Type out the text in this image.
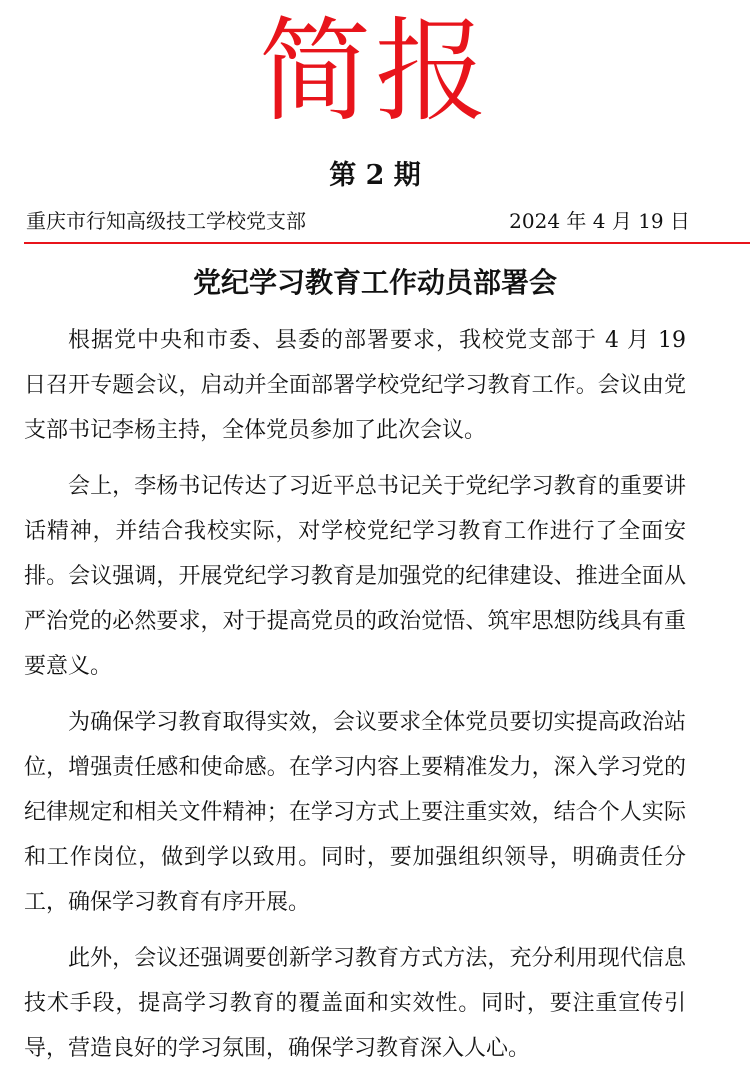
简报
第 2 期
重庆市行知高级技工学校党支部	2024 年 4 月 19 日
党纪学习教育工作动员部署会

根据党中央和市委、县委的部署要求，我校党支部于 4 月 19 日召开专题会议，启动并全面部署学校党纪学习教育工作。会议由党支部书记李杨主持，全体党员参加了此次会议。

会上，李杨书记传达了习近平总书记关于党纪学习教育的重要讲话精神，并结合我校实际，对学校党纪学习教育工作进行了全面安排。会议强调，开展党纪学习教育是加强党的纪律建设、推进全面从严治党的必然要求，对于提高党员的政治觉悟、筑牢思想防线具有重要意义。

为确保学习教育取得实效，会议要求全体党员要切实提高政治站位，增强责任感和使命感。在学习内容上要精准发力，深入学习党的纪律规定和相关文件精神；在学习方式上要注重实效，结合个人实际和工作岗位，做到学以致用。同时，要加强组织领导，明确责任分工，确保学习教育有序开展。

此外，会议还强调要创新学习教育方式方法，充分利用现代信息技术手段，提高学习教育的覆盖面和实效性。同时，要注重宣传引导，营造良好的学习氛围，确保学习教育深入人心。
